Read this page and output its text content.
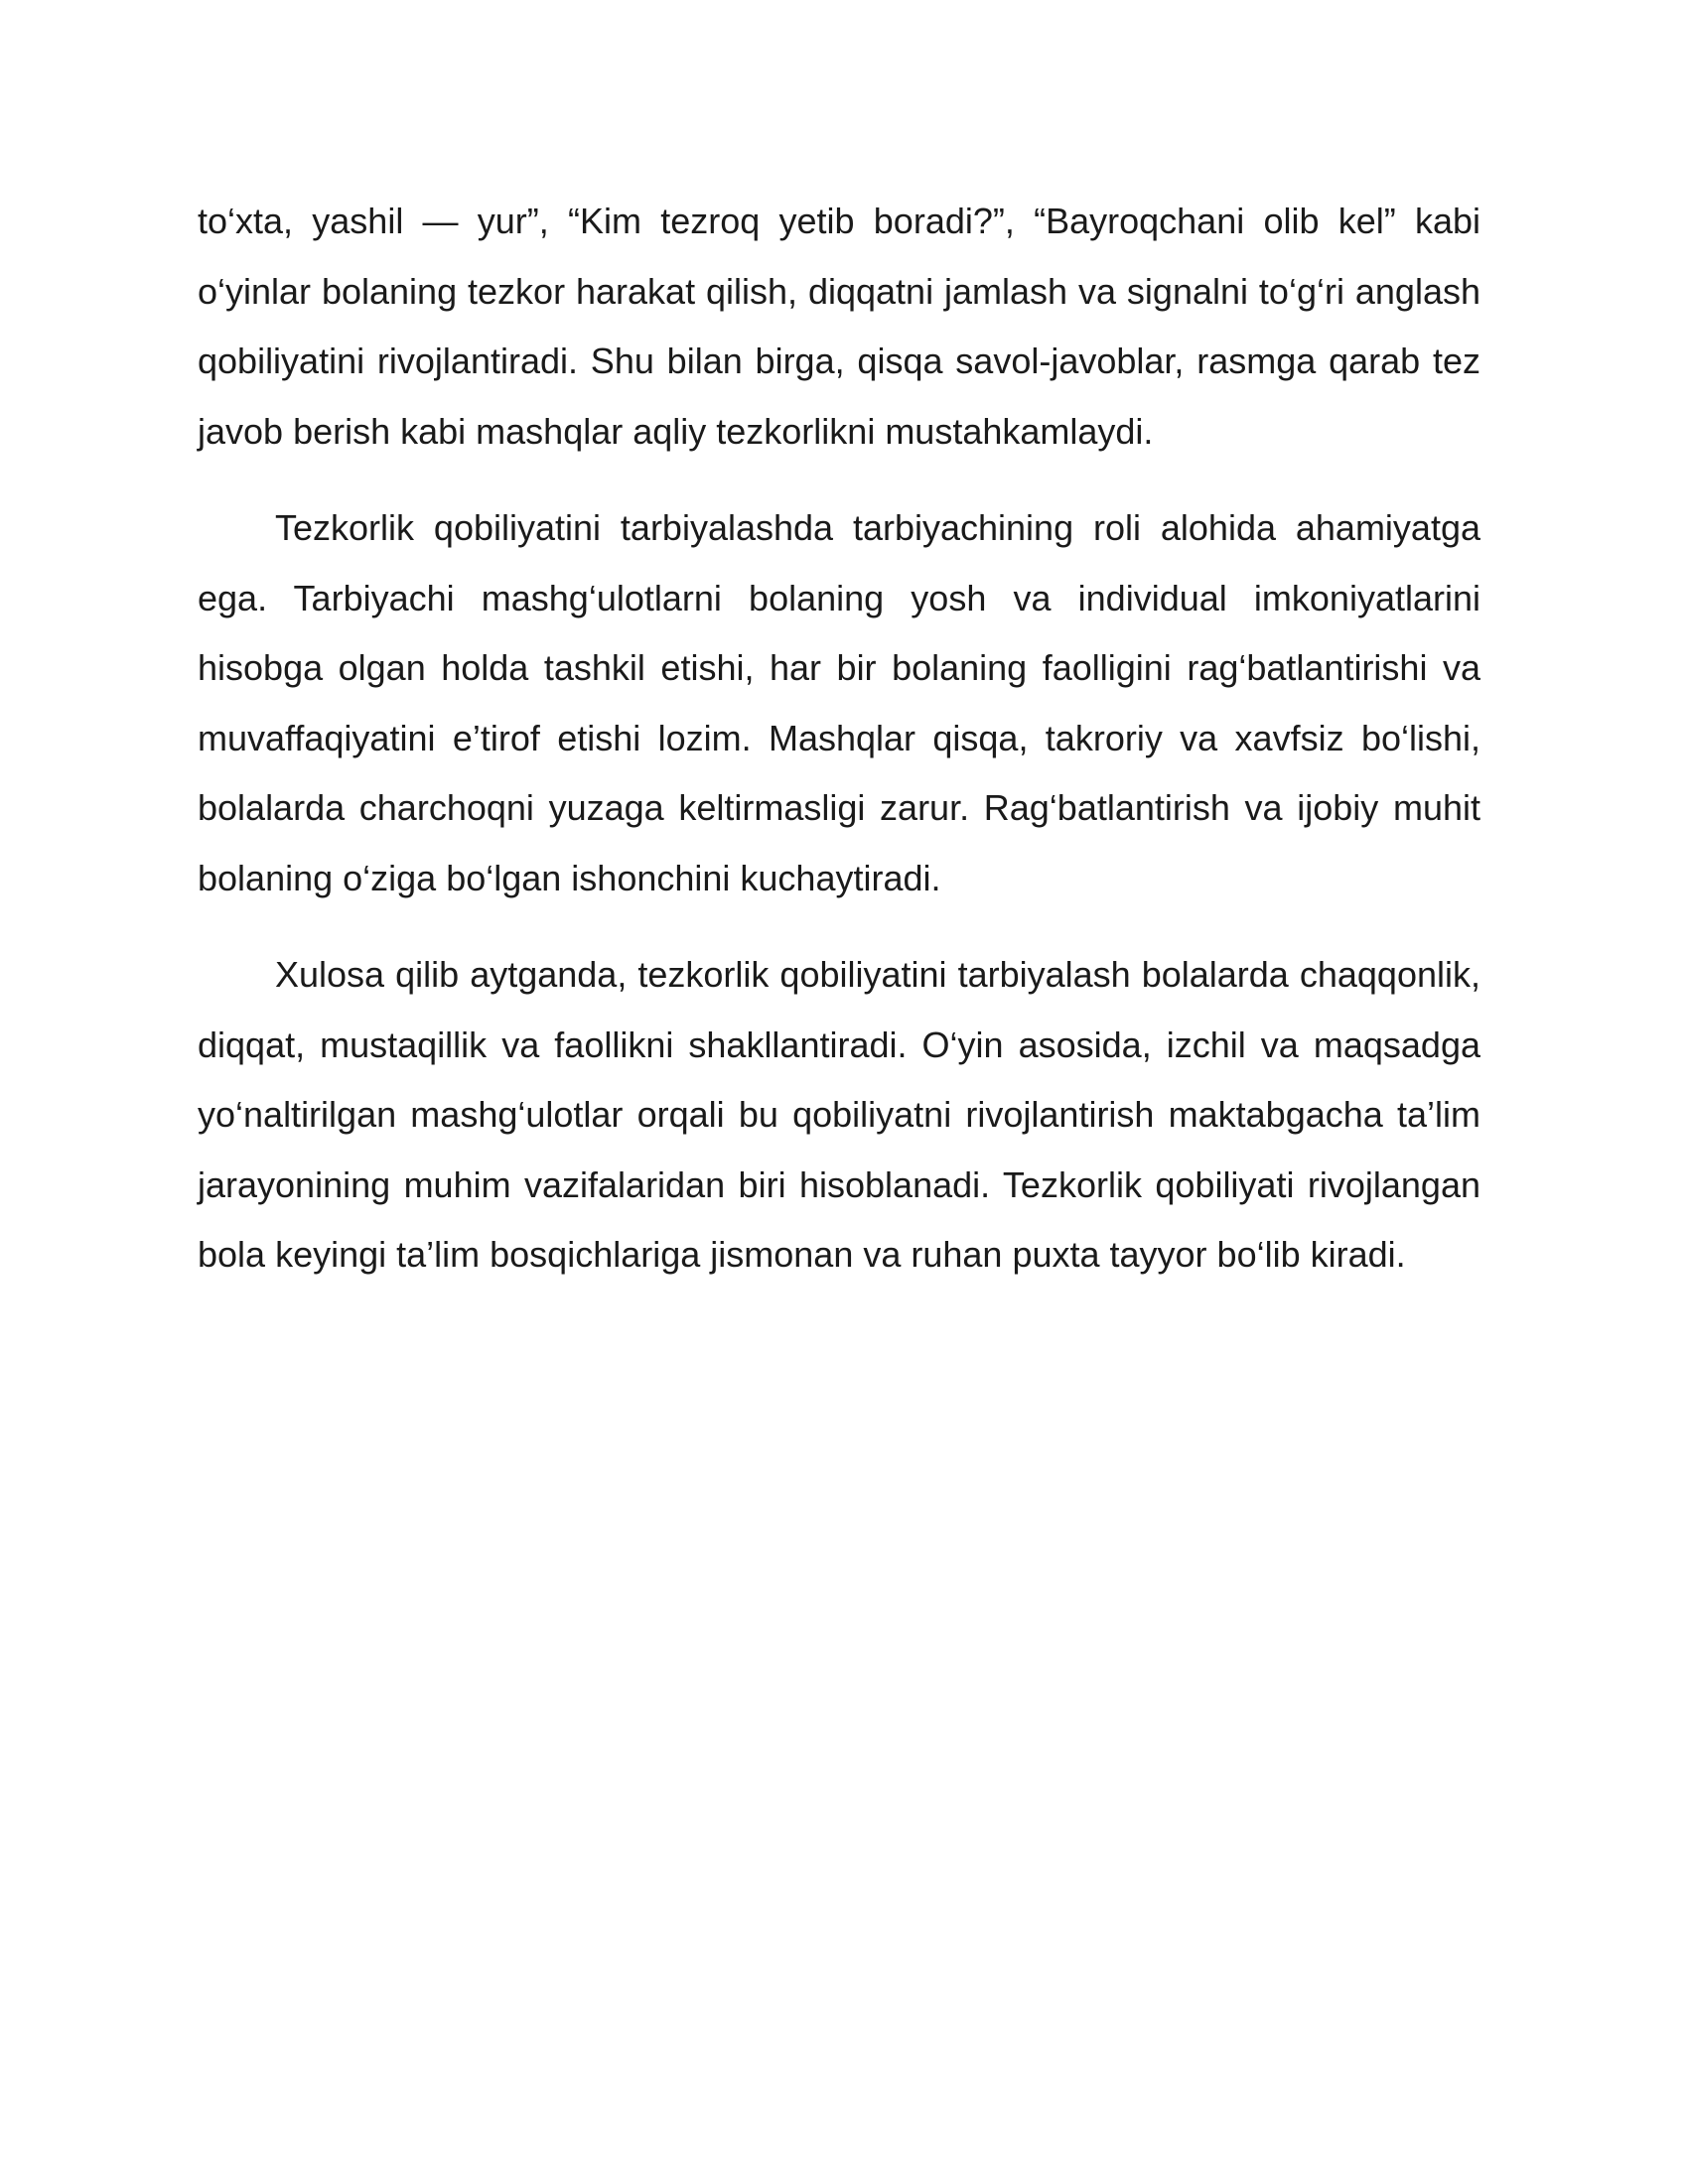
to‘xta, yashil — yur”, “Kim tezroq yetib boradi?”, “Bayroqchani olib kel” kabi o‘yinlar bolaning tezkor harakat qilish, diqqatni jamlash va signalni to‘g‘ri anglash qobiliyatini rivojlantiradi. Shu bilan birga, qisqa savol-javoblar, rasmga qarab tez javob berish kabi mashqlar aqliy tezkorlikni mustahkamlaydi.

Tezkorlik qobiliyatini tarbiyalashda tarbiyachining roli alohida ahamiyatga ega. Tarbiyachi mashg‘ulotlarni bolaning yosh va individual imkoniyatlarini hisobga olgan holda tashkil etishi, har bir bolaning faolligini rag‘batlantirishi va muvaffaqiyatini e’tirof etishi lozim. Mashqlar qisqa, takroriy va xavfsiz bo‘lishi, bolalarda charchoqni yuzaga keltirmasligi zarur. Rag‘batlantirish va ijobiy muhit bolaning o‘ziga bo‘lgan ishonchini kuchaytiradi.

Xulosa qilib aytganda, tezkorlik qobiliyatini tarbiyalash bolalarda chaqqonlik, diqqat, mustaqillik va faollikni shakllantiradi. O‘yin asosida, izchil va maqsadga yo‘naltirilgan mashg‘ulotlar orqali bu qobiliyatni rivojlantirish maktabgacha ta’lim jarayonining muhim vazifalaridan biri hisoblanadi. Tezkorlik qobiliyati rivojlangan bola keyingi ta’lim bosqichlariga jismonan va ruhan puxta tayyor bo‘lib kiradi.
